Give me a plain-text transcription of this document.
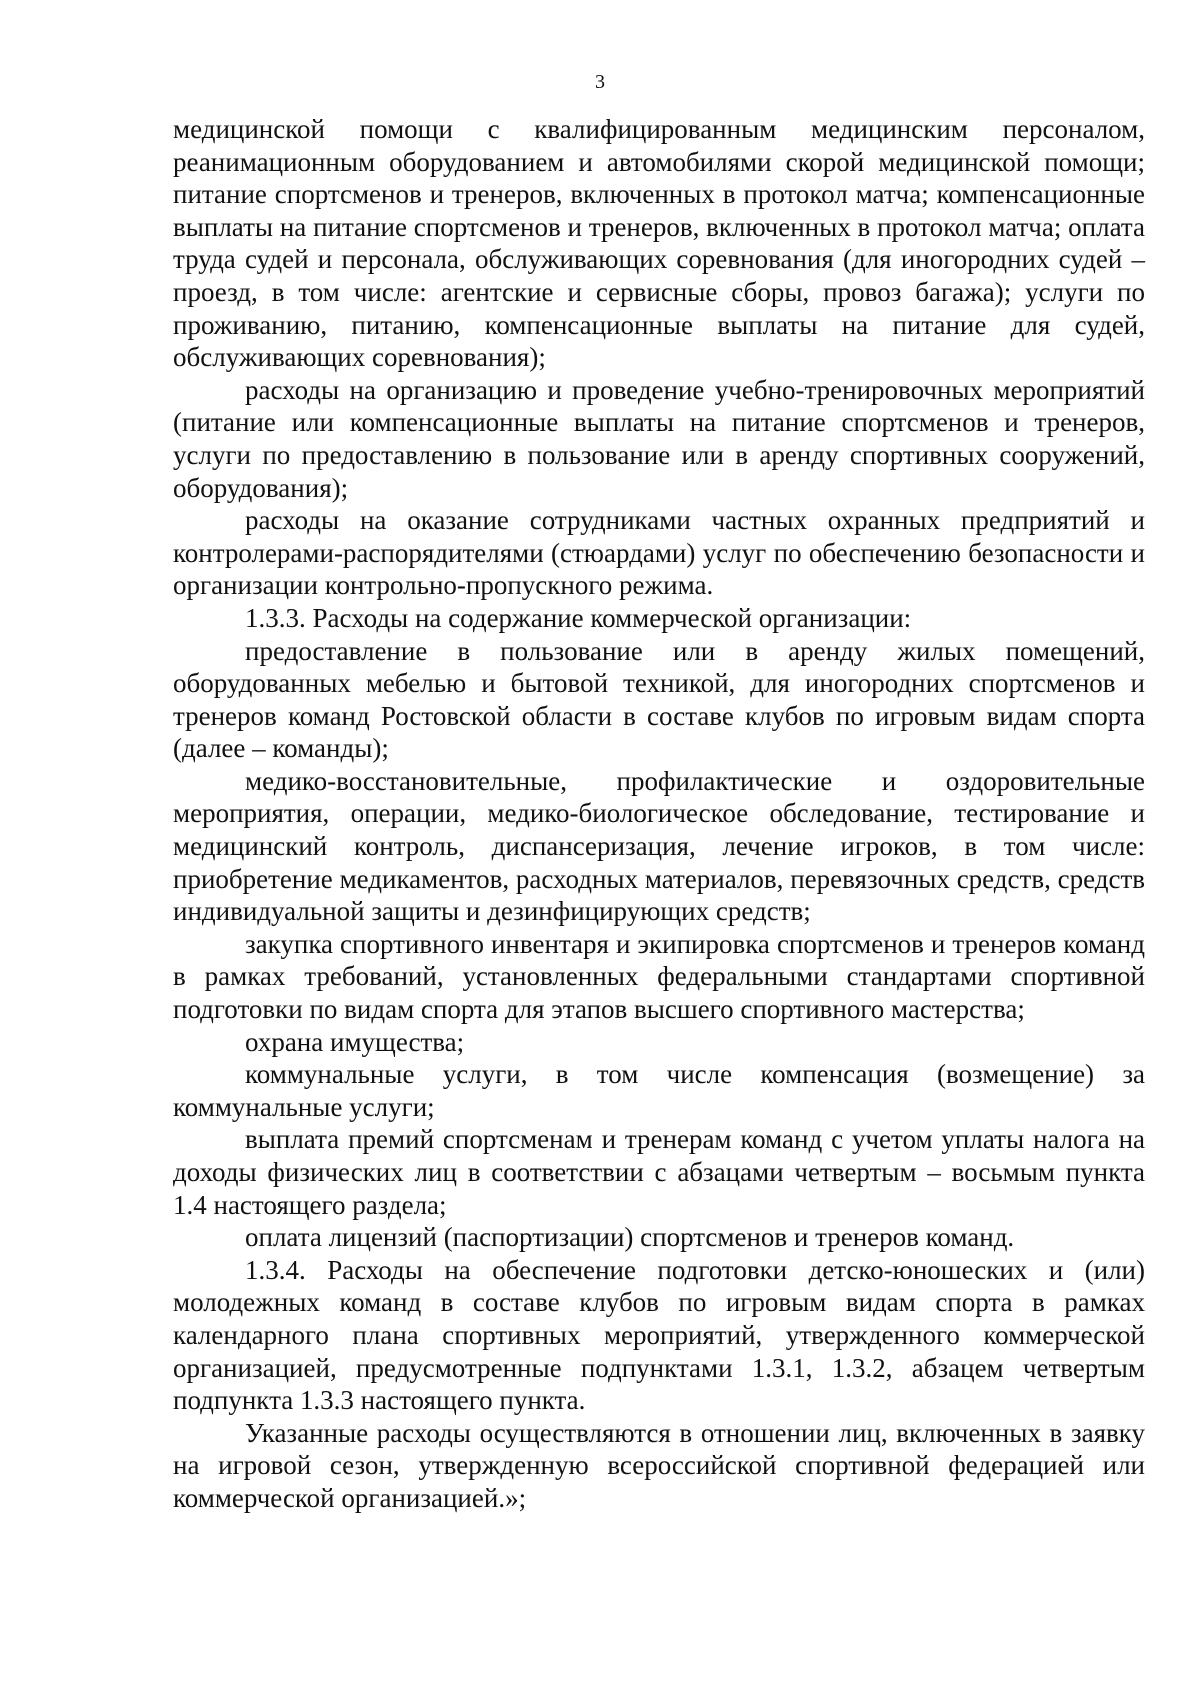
3

медицинской помощи с квалифицированным медицинским персоналом, реанимационным оборудованием и автомобилями скорой медицинской помощи; питание спортсменов и тренеров, включенных в протокол матча; компенсационные выплаты на питание спортсменов и тренеров, включенных в протокол матча; оплата труда судей и персонала, обслуживающих соревнования (для иногородних судей – проезд, в том числе: агентские и сервисные сборы, провоз багажа); услуги по проживанию, питанию, компенсационные выплаты на питание для судей, обслуживающих соревнования);

расходы на организацию и проведение учебно-тренировочных мероприятий (питание или компенсационные выплаты на питание спортсменов и тренеров, услуги по предоставлению в пользование или в аренду спортивных сооружений, оборудования);

расходы на оказание сотрудниками частных охранных предприятий и контролерами-распорядителями (стюардами) услуг по обеспечению безопасности и организации контрольно-пропускного режима.

1.3.3. Расходы на содержание коммерческой организации:

предоставление в пользование или в аренду жилых помещений, оборудованных мебелью и бытовой техникой, для иногородних спортсменов и тренеров команд Ростовской области в составе клубов по игровым видам спорта (далее – команды);

медико-восстановительные, профилактические и оздоровительные мероприятия, операции, медико-биологическое обследование, тестирование и медицинский контроль, диспансеризация, лечение игроков, в том числе: приобретение медикаментов, расходных материалов, перевязочных средств, средств индивидуальной защиты и дезинфицирующих средств;

закупка спортивного инвентаря и экипировка спортсменов и тренеров команд в рамках требований, установленных федеральными стандартами спортивной подготовки по видам спорта для этапов высшего спортивного мастерства;

охрана имущества;

коммунальные услуги, в том числе компенсация (возмещение) за коммунальные услуги;

выплата премий спортсменам и тренерам команд с учетом уплаты налога на доходы физических лиц в соответствии с абзацами четвертым – восьмым пункта 1.4 настоящего раздела;

оплата лицензий (паспортизации) спортсменов и тренеров команд.

1.3.4. Расходы на обеспечение подготовки детско-юношеских и (или) молодежных команд в составе клубов по игровым видам спорта в рамках календарного плана спортивных мероприятий, утвержденного коммерческой организацией, предусмотренные подпунктами 1.3.1, 1.3.2, абзацем четвертым подпункта 1.3.3 настоящего пункта.

Указанные расходы осуществляются в отношении лиц, включенных в заявку на игровой сезон, утвержденную всероссийской спортивной федерацией или коммерческой организацией.»;
